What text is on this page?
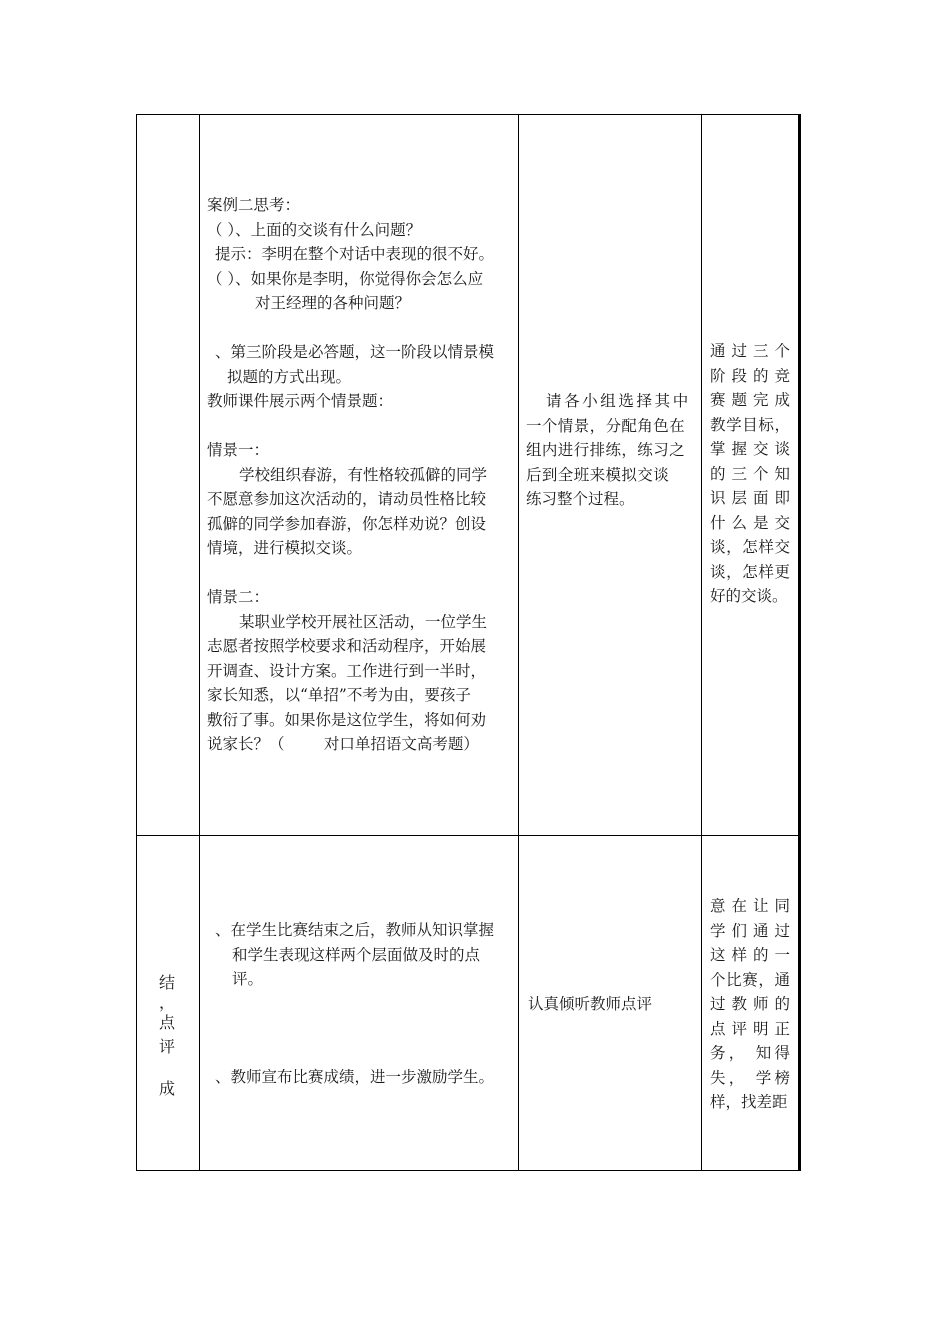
案例二思考：
（ ）、上面的交谈有什么问题？
提示：李明在整个对话中表现的很不好。
（ ）、如果你是李明，你觉得你会怎么应
对王经理的各种问题？
、第三阶段是必答题，这一阶段以情景模
拟题的方式出现。
教师课件展示两个情景题：
情景一：
学校组织春游，有性格较孤僻的同学
不愿意参加这次活动的，请动员性格比较
孤僻的同学参加春游，你怎样劝说？创设
情境，进行模拟交谈。
情景二：
某职业学校开展社区活动，一位学生
志愿者按照学校要求和活动程序，开始展
开调查、设计方案。工作进行到一半时，
家长知悉，以“单招”不考为由，要孩子
敷衍了事。如果你是这位学生，将如何劝
说家长？（        对口单招语文高考题）
请各小组选择其中
一个情景，分配角色在
组内进行排练，练习之
后到全班来模拟交谈
练习整个过程。
通过三个
阶段的竞
赛题完成
教学目标，
掌握交谈
的三个知
识层面即
什么是交
谈，怎样交
谈，怎样更
好的交谈。
结
，
点
评
成
、在学生比赛结束之后，教师从知识掌握
和学生表现这样两个层面做及时的点
评。
、教师宣布比赛成绩，进一步激励学生。
认真倾听教师点评
意在让同
学们通过
这样的一
个比赛，通
过教师的
点评明正
务， 知得
失， 学榜
样，找差距
